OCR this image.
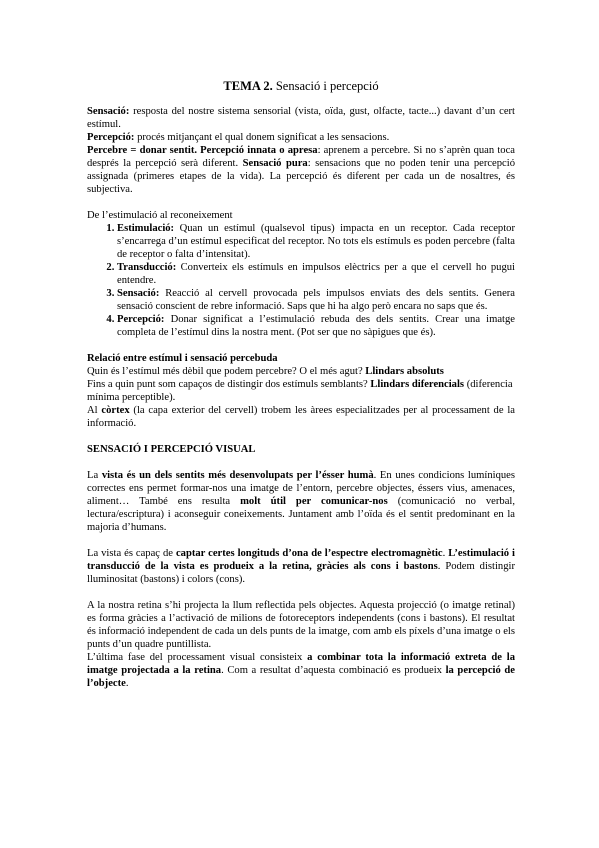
TEMA 2. Sensació i percepció

Sensació: resposta del nostre sistema sensorial (vista, oïda, gust, olfacte, tacte...) davant d’un cert estímul.

Percepció: procés mitjançant el qual donem significat a les sensacions.

Percebre = donar sentit. Percepció innata o apresa: aprenem a percebre. Si no s’aprèn quan toca després la percepció serà diferent. Sensació pura: sensacions que no poden tenir una percepció assignada (primeres etapes de la vida). La percepció és diferent per cada un de nosaltres, és subjectiva.

De l’estimulació al reconeixement

1. Estimulació: Quan un estímul (qualsevol tipus) impacta en un receptor. Cada receptor s’encarrega d’un estímul especificat del receptor. No tots els estímuls es poden percebre (falta de receptor o falta d’intensitat).
2. Transducció: Converteix els estímuls en impulsos elèctrics per a que el cervell ho pugui entendre.
3. Sensació: Reacció al cervell provocada pels impulsos enviats des dels sentits. Genera sensació conscient de rebre informació. Saps que hi ha algo però encara no saps que és.
4. Percepció: Donar significat a l’estimulació rebuda des dels sentits. Crear una imatge completa de l’estímul dins la nostra ment. (Pot ser que no sàpigues que és).

Relació entre estímul i sensació percebuda

Quin és l’estímul més dèbil que podem percebre? O el més agut? Llindars absoluts

Fins a quin punt som capaços de distingir dos estímuls semblants? Llindars diferencials (diferencia mínima perceptible).

Al còrtex (la capa exterior del cervell) trobem les àrees especialitzades per al processament de la informació.

SENSACIÓ I PERCEPCIÓ VISUAL

La vista és un dels sentits més desenvolupats per l’ésser humà. En unes condicions lumíniques correctes ens permet formar-nos una imatge de l’entorn, percebre objectes, éssers vius, amenaces, aliment… També ens resulta molt útil per comunicar-nos (comunicació no verbal, lectura/escriptura) i aconseguir coneixements. Juntament amb l’oïda és el sentit predominant en la majoria d’humans.

La vista és capaç de captar certes longituds d’ona de l’espectre electromagnètic. L’estimulació i transducció de la vista es produeix a la retina, gràcies als cons i bastons. Podem distingir lluminositat (bastons) i colors (cons).

A la nostra retina s’hi projecta la llum reflectida pels objectes. Aquesta projecció (o imatge retinal) es forma gràcies a l’activació de milions de fotoreceptors independents (cons i bastons). El resultat és informació independent de cada un dels punts de la imatge, com amb els píxels d’una imatge o els punts d’un quadre puntillista.

L’última fase del processament visual consisteix a combinar tota la informació extreta de la imatge projectada a la retina. Com a resultat d’aquesta combinació es produeix la percepció de l’objecte.
